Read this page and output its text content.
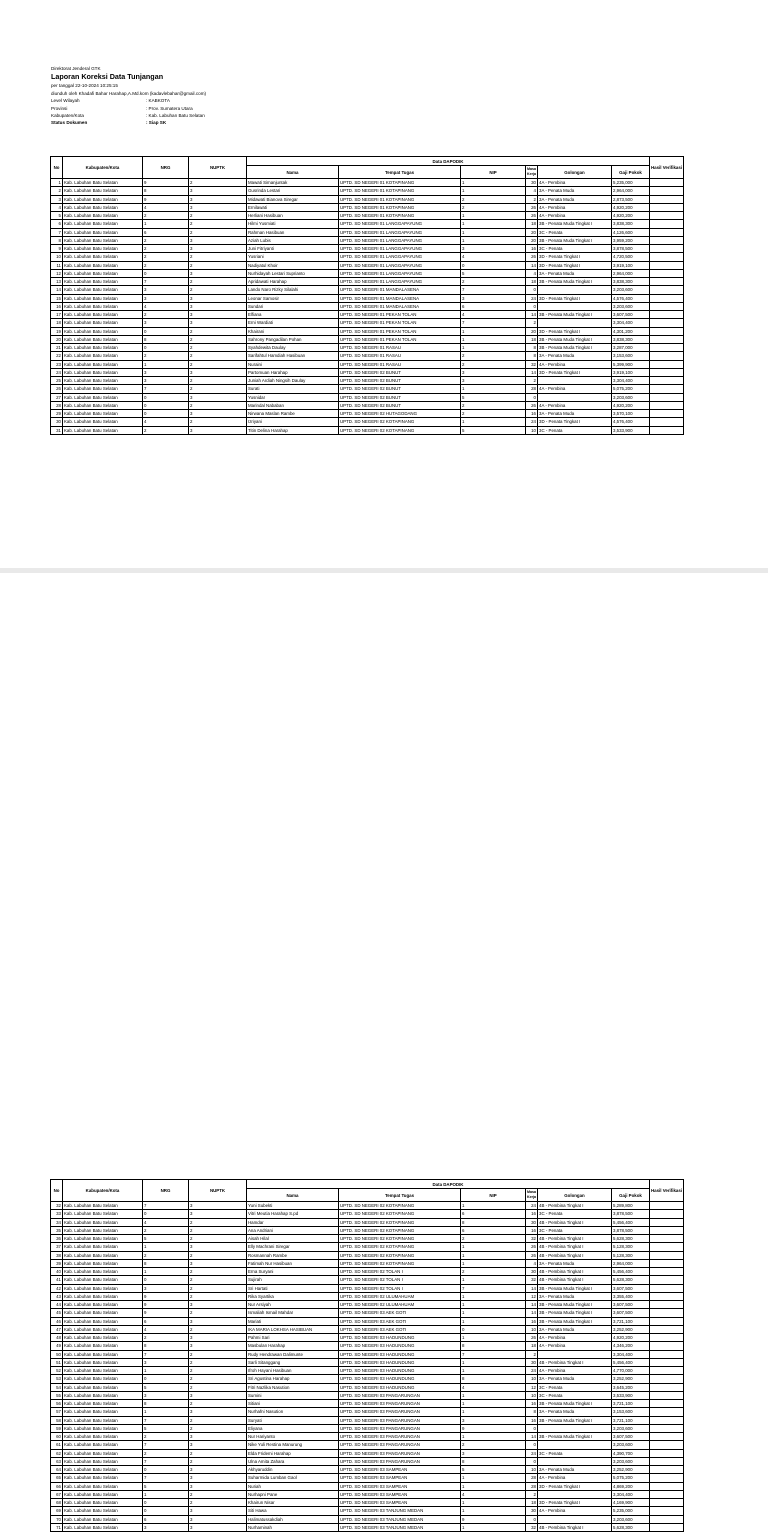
Direktorat Jenderal GTK
Laporan Koreksi Data Tunjangan
per tanggal 22-10-2024 10:25:15
diunduh oleh Khadafi Bahar Harahap,A.Md.kom (kadavlebahar@gmail.com)
Level Wilayah	: KABKOTA
Provinsi	: Prov. Sumatera Utara
Kabupaten/Kota	: Kab. Labuhan Batu Selatan
Status Dokumen	: Siap SK
No	Kabupaten/Kota	NRG	NUPTK	Data DAPODIK						Hasil Verifikasi
				Nama	Tempat Tugas	NIP	Masa Kerja	Golongan	Gaji Pokok	
1	Kab. Labuhan Batu Selatan	9	2	Mawati Simanjuntak	UPTD. SD NEGERI 01 KOTAPINANG	1	30	4A - Pembina	5,235,000	
2	Kab. Labuhan Batu Selatan	8	3	Gusrinda Lestari	UPTD. SD NEGERI 01 KOTAPINANG	1	4	3A - Penata Muda	2,964,000	
3	Kab. Labuhan Batu Selatan	9	3	Midawati Bianova Siregar	UPTD. SD NEGERI 01 KOTAPINANG	2	2	3A - Penata Muda	2,873,500	
4	Kab. Labuhan Batu Selatan	4	3	Ernilawati	UPTD. SD NEGERI 01 KOTAPINANG	2	26	4A - Pembina	4,920,200	
5	Kab. Labuhan Batu Selatan	2	2	Herliani Hasibuan	UPTD. SD NEGERI 01 KOTAPINANG	1	26	4A - Pembina	4,920,200	
6	Kab. Labuhan Batu Selatan	1	2	Hilmi Yusmiati	UPTD. SD NEGERI 01 LANGGAPAYUNG	1	18	3B - Penata Muda Tingkat I	3,838,300	
7	Kab. Labuhan Batu Selatan	6	2	Rahman Hasibuan	UPTD. SD NEGERI 01 LANGGAPAYUNG	1	20	3C - Penata	4,126,600	
8	Kab. Labuhan Batu Selatan	2	3	Aziah Lubis	UPTD. SD NEGERI 01 LANGGAPAYUNG	1	20	3B - Penata Muda Tingkat I	3,959,200	
9	Kab. Labuhan Batu Selatan	2	3	Juni Fitriyanti	UPTD. SD NEGERI 01 LANGGAPAYUNG	3	16	3C - Penata	3,878,500	
10	Kab. Labuhan Batu Selatan	2	2	Yusriani	UPTD. SD NEGERI 01 LANGGAPAYUNG	4	26	3D - Penata Tingkat I	4,720,500	
11	Kab. Labuhan Batu Selatan	2	2	Nadiyatul Khoir	UPTD. SD NEGERI 01 LANGGAPAYUNG	0	14	3D - Penata Tingkat I	3,919,100	
12	Kab. Labuhan Batu Selatan	0	3	Nurhidayah Lestari Suprianto	UPTD. SD NEGERI 01 LANGGAPAYUNG	5	4	3A - Penata Muda	2,964,000	
13	Kab. Labuhan Batu Selatan	7	2	Apridawati Harahap	UPTD. SD NEGERI 01 LANGGAPAYUNG	2	18	3B - Penata Muda Tingkat I	3,838,300	
14	Kab. Labuhan Batu Selatan	3	2	Lando Naro Rizky Silalahi	UPTD. SD NEGERI 01 MANDALASENA	7	0		3,203,600	
15	Kab. Labuhan Batu Selatan	3	3	Leonar Samosir	UPTD. SD NEGERI 01 MANDALASENA	3	24	3D - Penata Tingkat I	4,576,400	
16	Kab. Labuhan Batu Selatan	4	3	Sundari	UPTD. SD NEGERI 01 MANDALASENA	6	0		3,203,600	
17	Kab. Labuhan Batu Selatan	2	3	Elfiana	UPTD. SD NEGERI 01 PEKAN TOLAN	4	14	3B - Penata Muda Tingkat I	3,607,500	
18	Kab. Labuhan Batu Selatan	3	3	Erni Wardiati	UPTD. SD NEGERI 01 PEKAN TOLAN	7	2		3,304,400	
19	Kab. Labuhan Batu Selatan	0	2	Khairani	UPTD. SD NEGERI 01 PEKAN TOLAN	1	20	3D - Penata Tingkat I	4,301,200	
20	Kab. Labuhan Batu Selatan	8	2	Sahrony Pangadilan Pohan	UPTD. SD NEGERI 01 PEKAN TOLAN	1	18	3B - Penata Muda Tingkat I	3,838,300	
21	Kab. Labuhan Batu Selatan	0	2	Syahdewita Daulay	UPTD. SD NEGERI 01 RASAU	1	8	3B - Penata Muda Tingkat I	3,287,000	
22	Kab. Labuhan Batu Selatan	2	2	Sarifahtul Hamdiah Hasibuan	UPTD. SD NEGERI 01 RASAU	2	8	3A - Penata Muda	3,153,600	
23	Kab. Labuhan Batu Selatan	1	2	Nuraini	UPTD. SD NEGERI 01 RASAU	2	32	4A - Pembina	5,399,900	
24	Kab. Labuhan Batu Selatan	3	3	Partomuan Harahap	UPTD. SD NEGERI 02 BUNUT	3	14	3D - Penata Tingkat I	3,919,100	
25	Kab. Labuhan Batu Selatan	3	2	Juniah Ardiah Ningsih Daulay	UPTD. SD NEGERI 02 BUNUT	3	2		3,304,400	
26	Kab. Labuhan Batu Selatan	7	2	Surati	UPTD. SD NEGERI 02 BUNUT	1	28	4A - Pembina	5,075,200	
27	Kab. Labuhan Batu Selatan	0	3	Yusnidar	UPTD. SD NEGERI 02 BUNUT	5	0		3,203,600	
28	Kab. Labuhan Batu Selatan	0	2	Marindal Nababan	UPTD. SD NEGERI 02 BUNUT	2	26	4A - Pembina	4,920,200	
29	Kab. Labuhan Batu Selatan	0	3	Nirwana Maslan Rambe	UPTD. SD NEGERI 02 HUTAGODANG	2	16	3A - Penata Muda	3,570,100	
30	Kab. Labuhan Batu Selatan	4	2	Izriyani	UPTD. SD NEGERI 02 KOTAPINANG	1	24	3D - Penata Tingkat I	4,576,400	
31	Kab. Labuhan Batu Selatan	2	3	Titin Delina Harahap	UPTD. SD NEGERI 02 KOTAPINANG	5	10	3C - Penata	3,533,900	
No	Kabupaten/Kota	NRG	NUPTK	Data DAPODIK						Hasil Verifikasi
				Nama	Tempat Tugas	NIP	Masa Kerja	Golongan	Gaji Pokok	
32	Kab. Labuhan Batu Selatan	7	3	Yuni Subekti	UPTD. SD NEGERI 02 KOTAPINANG	1	24	4B - Pembina Tingkat I	5,289,800	
33	Kab. Labuhan Batu Selatan	0	3	Vitri Meutia Harahap S.pd	UPTD. SD NEGERI 02 KOTAPINANG	6	16	3C - Penata	3,878,500	
34	Kab. Labuhan Batu Selatan	4	2	Hamdar	UPTD. SD NEGERI 02 KOTAPINANG	8	30	4B - Pembina Tingkat I	5,456,400	
35	Kab. Labuhan Batu Selatan	2	2	Ana Andriani	UPTD. SD NEGERI 02 KOTAPINANG	6	16	3C - Penata	3,878,500	
36	Kab. Labuhan Batu Selatan	5	2	Aisah Hilal	UPTD. SD NEGERI 02 KOTAPINANG	2	32	4B - Pembina Tingkat I	5,628,300	
37	Kab. Labuhan Batu Selatan	1	3	Elly Machrani Siregar	UPTD. SD NEGERI 02 KOTAPINANG	1	26	4B - Pembina Tingkat I	5,128,300	
38	Kab. Labuhan Batu Selatan	2	2	Rosmannah Rambe	UPTD. SD NEGERI 02 KOTAPINANG	1	26	4B - Pembina Tingkat I	5,128,300	
39	Kab. Labuhan Batu Selatan	8	3	Fatimah Nur Hasibuan	UPTD. SD NEGERI 02 KOTAPINANG	1	4	3A - Penata Muda	2,964,000	
40	Kab. Labuhan Batu Selatan	1	2	Erna Suryani	UPTD. SD NEGERI 02 TOLAN I	2	30	4B - Pembina Tingkat I	5,456,400	
41	Kab. Labuhan Batu Selatan	0	2	Sujirah	UPTD. SD NEGERI 02 TOLAN I	1	32	4B - Pembina Tingkat I	5,628,300	
42	Kab. Labuhan Batu Selatan	3	2	Sri Hartati	UPTD. SD NEGERI 02 TOLAN I	7	14	3B - Penata Muda Tingkat I	3,607,500	
43	Kab. Labuhan Batu Selatan	9	2	Rika Syartika	UPTD. SD NEGERI 02 ULUMAHUAM	1	12	3A - Penata Muda	3,355,400	
44	Kab. Labuhan Batu Selatan	9	3	Nur Arsiyah	UPTD. SD NEGERI 02 ULUMAHUAM	1	14	3B - Penata Muda Tingkat I	3,607,500	
45	Kab. Labuhan Batu Selatan	9	2	Ismaliah Ismail Mahdar	UPTD. SD NEGERI 03 AEK GOTI	1	14	3B - Penata Muda Tingkat I	3,607,500	
46	Kab. Labuhan Batu Selatan	6	3	Mariati	UPTD. SD NEGERI 03 AEK GOTI	1	16	3B - Penata Muda Tingkat I	3,721,100	
47	Kab. Labuhan Batu Selatan	4	2	IKA MARIA LOKHSA HASIBUAN	UPTD. SD NEGERI 03 AEK GOTI	0	10	3A - Penata Muda	3,252,900	
48	Kab. Labuhan Batu Selatan	2	3	Pahmi Sari	UPTD. SD NEGERI 03 HADUNDUNG	1	26	4A - Pembina	4,920,200	
49	Kab. Labuhan Batu Selatan	8	3	Masbulan Harahap	UPTD. SD NEGERI 03 HADUNDUNG	8	18	4A - Pembina	4,346,200	
50	Kab. Labuhan Batu Selatan	7	2	Rudy Hendrawan Dalimunte	UPTD. SD NEGERI 03 HADUNDUNG	7	2		3,304,400	
51	Kab. Labuhan Batu Selatan	3	2	Sarli Sitanggang	UPTD. SD NEGERI 03 HADUNDUNG	1	30	4B - Pembina Tingkat I	5,456,400	
52	Kab. Labuhan Batu Selatan	1	2	Ifroh Hayani Hasibuan	UPTD. SD NEGERI 03 HADUNDUNG	1	24	4A - Pembina	4,770,000	
53	Kab. Labuhan Batu Selatan	0	2	Sri Agustina Harahap	UPTD. SD NEGERI 03 HADUNDUNG	8	10	3A - Penata Muda	3,252,900	
54	Kab. Labuhan Batu Selatan	5	2	Fitri Nazlika Nasution	UPTD. SD NEGERI 03 HADUNDUNG	4	12	3C - Penata	3,645,200	
55	Kab. Labuhan Batu Selatan	3	3	Sumini	UPTD. SD NEGERI 03 PANGARUNGAN	1	10	3C - Penata	3,533,900	
56	Kab. Labuhan Batu Selatan	8	2	Sitiani	UPTD. SD NEGERI 03 PANGARUNGAN	1	16	3B - Penata Muda Tingkat I	3,721,100	
57	Kab. Labuhan Batu Selatan	1	3	Nurhafni Nasution	UPTD. SD NEGERI 03 PANGARUNGAN	1	8	3A - Penata Muda	3,153,600	
58	Kab. Labuhan Batu Selatan	7	2	Suryati	UPTD. SD NEGERI 03 PANGARUNGAN	3	16	3B - Penata Muda Tingkat I	3,721,100	
59	Kab. Labuhan Batu Selatan	5	2	Eliyana	UPTD. SD NEGERI 03 PANGARUNGAN	9	0		3,203,600	
60	Kab. Labuhan Batu Selatan	2	3	Nur Hariyanto	UPTD. SD NEGERI 03 PANGARUNGAN	1	14	3B - Penata Muda Tingkat I	3,607,500	
61	Kab. Labuhan Batu Selatan	7	3	Nike Yuli Restina Manurung	UPTD. SD NEGERI 03 PANGARUNGAN	2	0		3,203,600	
62	Kab. Labuhan Batu Selatan	2	2	Elda Fridemi Harahap	UPTD. SD NEGERI 03 PANGARUNGAN	3	24	3C - Penata	4,390,700	
63	Kab. Labuhan Batu Selatan	7	2	Ulna Amita Zahara	UPTD. SD NEGERI 03 PANGARUNGAN	8	0		3,203,600	
64	Kab. Labuhan Batu Selatan	0	3	Akhyaruddin	UPTD. SD NEGERI 03 SAMPEAN	5	10	3A - Penata Muda	3,252,900	
65	Kab. Labuhan Batu Selatan	7	3	Suharmida Lumban Gaol	UPTD. SD NEGERI 03 SAMPEAN	1	28	4A - Pembina	5,075,200	
66	Kab. Labuhan Batu Selatan	5	3	Nuriah	UPTD. SD NEGERI 03 SAMPEAN	1	28	3D - Penata Tingkat I	4,869,200	
67	Kab. Labuhan Batu Selatan	1	2	Nurhapni Pane	UPTD. SD NEGERI 03 SAMPEAN	4	2		3,304,400	
68	Kab. Labuhan Batu Selatan	0	2	Khairun Nisar	UPTD. SD NEGERI 03 SAMPEAN	1	18	3D - Penata Tingkat I	4,169,900	
69	Kab. Labuhan Batu Selatan	0	3	Siti Hawa	UPTD. SD NEGERI 03 TANJUNG MEDAN	1	30	4A - Pembina	5,235,000	
70	Kab. Labuhan Batu Selatan	6	3	Halimatussakdiah	UPTD. SD NEGERI 03 TANJUNG MEDAN	9	0		3,203,600	
71	Kab. Labuhan Batu Selatan	3	3	Nurhaminah	UPTD. SD NEGERI 03 TANJUNG MEDAN	1	32	4B - Pembina Tingkat I	5,628,300	
